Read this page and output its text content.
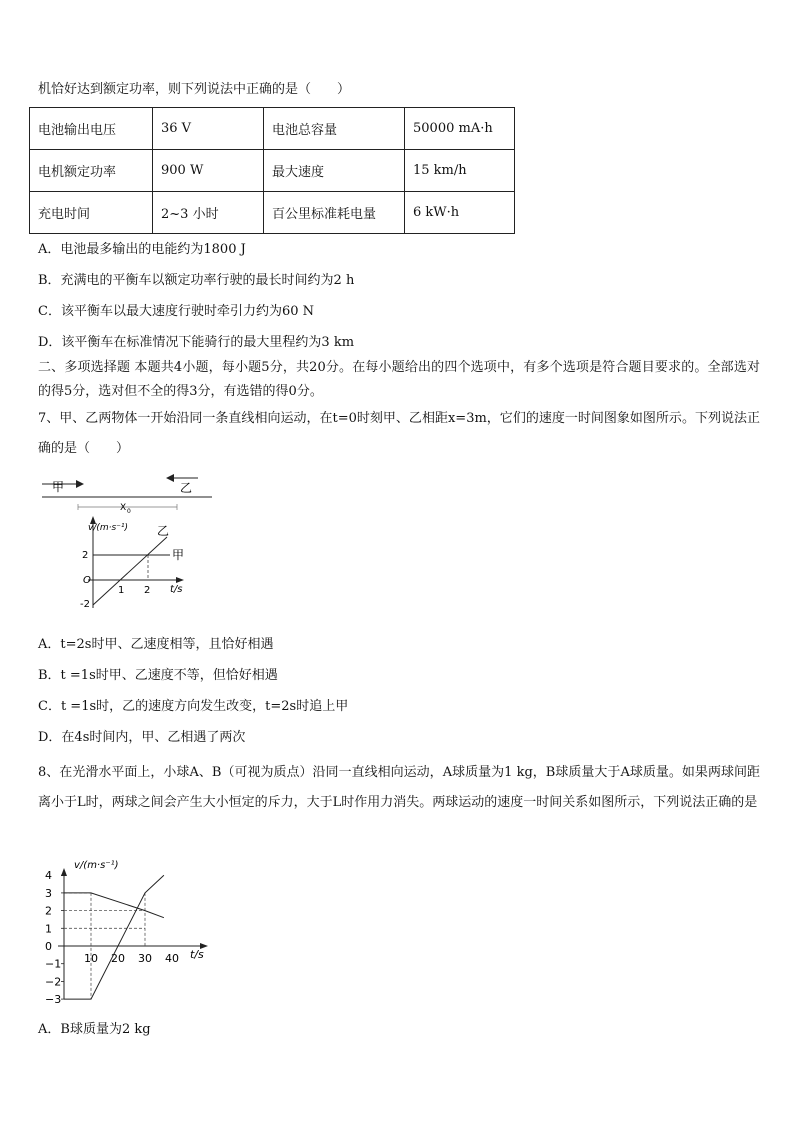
机恰好达到额定功率，则下列说法中正确的是（　　）
电池输出电压	36 V	电池总容量	50000 mA·h
电机额定功率	900 W	最大速度	15 km/h
充电时间	2~3 小时	百公里标准耗电量	6 kW·h
A．电池最多输出的电能约为1800 J
B．充满电的平衡车以额定功率行驶的最长时间约为2 h
C．该平衡车以最大速度行驶时牵引力约为60 N
D．该平衡车在标准情况下能骑行的最大里程约为3 km
二、多项选择题 本题共4小题，每小题5分，共20分。在每小题给出的四个选项中，有多个选项是符合题目要求的。全部选对的得5分，选对但不全的得3分，有选错的得0分。
7、甲、乙两物体一开始沿同一条直线相向运动，在t=0时刻甲、乙相距x=3m，它们的速度一时间图象如图所示。下列说法正确的是（　　）
甲	乙
X 0
v/(m·s⁻¹)
t/s
O
2
-2
1 2
甲
乙
A．t=2s时甲、乙速度相等，且恰好相遇
B．t =1s时甲、乙速度不等，但恰好相遇
C．t =1s时，乙的速度方向发生改变，t=2s时追上甲
D．在4s时间内，甲、乙相遇了两次
8、在光滑水平面上，小球A、B（可视为质点）沿同一直线相向运动，A球质量为1 kg，B球质量大于A球质量。如果两球间距离小于L时，两球之间会产生大小恒定的斥力，大于L时作用力消失。两球运动的速度一时间关系如图所示，下列说法正确的是
v/(m·s⁻¹)
t/s
4
3
2
1
0
−1
−2
−3
10 20 30 40
A．B球质量为2 kg
